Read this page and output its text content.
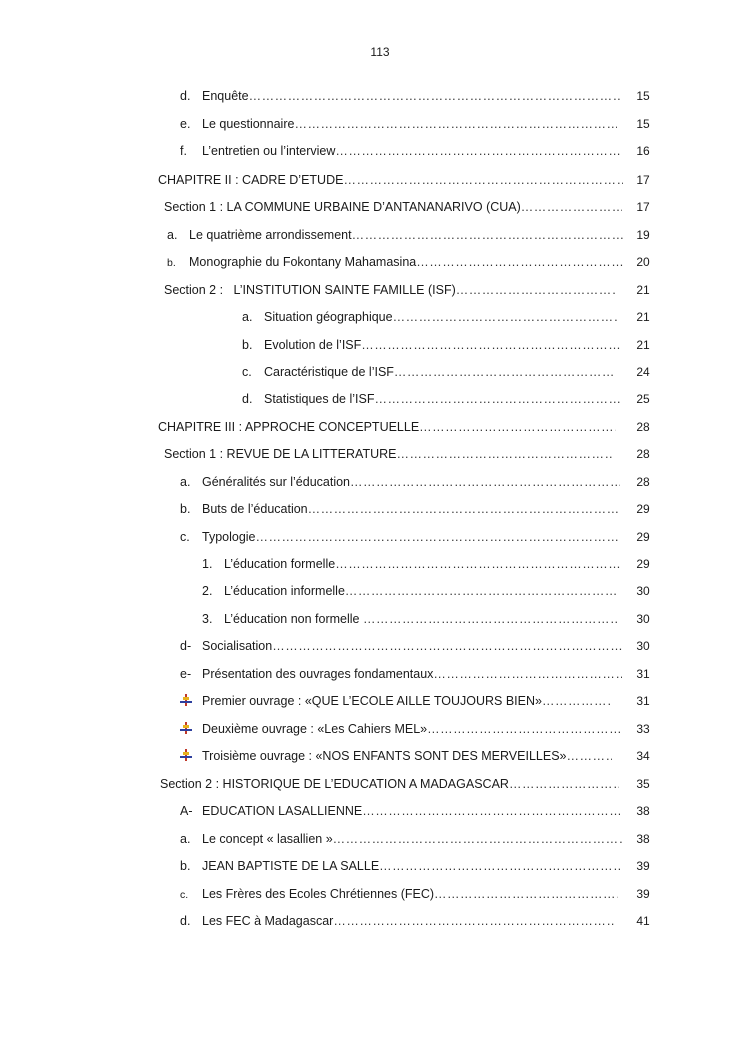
113
d. Enquête …………………………………………………………………………………………………………………………………………………………………………………………………………………	15
e. Le questionnaire …………………………………………………………………………………………………………………………………………………………………………………………………………………	15
f.	L’entretien ou l’interview …………………………………………………………………………………………………………………………………………………………………………………………………………………	16
CHAPITRE II : CADRE D’ETUDE …………………………………………………………………………………………………………………………………………………………………………………………………………………	17
Section 1 : LA COMMUNE URBAINE D’ANTANANARIVO (CUA) …………………………………………………………………………………………………………………………………………………………………………………………………………………	17
a. Le quatrième arrondissement …………………………………………………………………………………………………………………………………………………………………………………………………………………	19
b.	Monographie du Fokontany Mahamasina …………………………………………………………………………………………………………………………………………………………………………………………………………………	20
Section 2 :   L’INSTITUTION SAINTE FAMILLE (ISF) …………………………………………………………………………………………………………………………………………………………………………………………………………………	21
a. Situation géographique …………………………………………………………………………………………………………………………………………………………………………………………………………………	21
b. Evolution de l’ISF …………………………………………………………………………………………………………………………………………………………………………………………………………………	21
c. Caractéristique de l’ISF …………………………………………………………………………………………………………………………………………………………………………………………………………………	24
d. Statistiques de l’ISF …………………………………………………………………………………………………………………………………………………………………………………………………………………	25
CHAPITRE III : APPROCHE CONCEPTUELLE …………………………………………………………………………………………………………………………………………………………………………………………………………………	28
Section 1 : REVUE DE LA LITTERATURE …………………………………………………………………………………………………………………………………………………………………………………………………………………	28
a. Généralités sur l’éducation …………………………………………………………………………………………………………………………………………………………………………………………………………………	28
b. Buts de l’éducation …………………………………………………………………………………………………………………………………………………………………………………………………………………	29
c. Typologie …………………………………………………………………………………………………………………………………………………………………………………………………………………	29
1. L’éducation formelle …………………………………………………………………………………………………………………………………………………………………………………………………………………	29
2. L’éducation informelle …………………………………………………………………………………………………………………………………………………………………………………………………………………	30
3. L’éducation non formelle …………………………………………………………………………………………………………………………………………………………………………………………………………………	30
d- Socialisation …………………………………………………………………………………………………………………………………………………………………………………………………………………	30
e- Présentation des ouvrages fondamentaux …………………………………………………………………………………………………………………………………………………………………………………………………………………	31
Premier ouvrage : «QUE L’ECOLE AILLE TOUJOURS BIEN» …………………………………………………………………………………………………………………………………………………………………………………………………………………	31
Deuxième ouvrage : «Les Cahiers MEL» …………………………………………………………………………………………………………………………………………………………………………………………………………………	33
Troisième ouvrage : «NOS ENFANTS SONT DES MERVEILLES» …………………………………………………………………………………………………………………………………………………………………………………………………………………	34
Section 2 : HISTORIQUE DE L’EDUCATION A MADAGASCAR …………………………………………………………………………………………………………………………………………………………………………………………………………………	35
A- EDUCATION LASALLIENNE …………………………………………………………………………………………………………………………………………………………………………………………………………………	38
a. Le concept « lasallien » …………………………………………………………………………………………………………………………………………………………………………………………………………………	38
b. JEAN BAPTISTE DE LA SALLE …………………………………………………………………………………………………………………………………………………………………………………………………………………	39
c.	Les Frères des Ecoles Chrétiennes (FEC) …………………………………………………………………………………………………………………………………………………………………………………………………………………	39
d. Les FEC à Madagascar …………………………………………………………………………………………………………………………………………………………………………………………………………………	41
